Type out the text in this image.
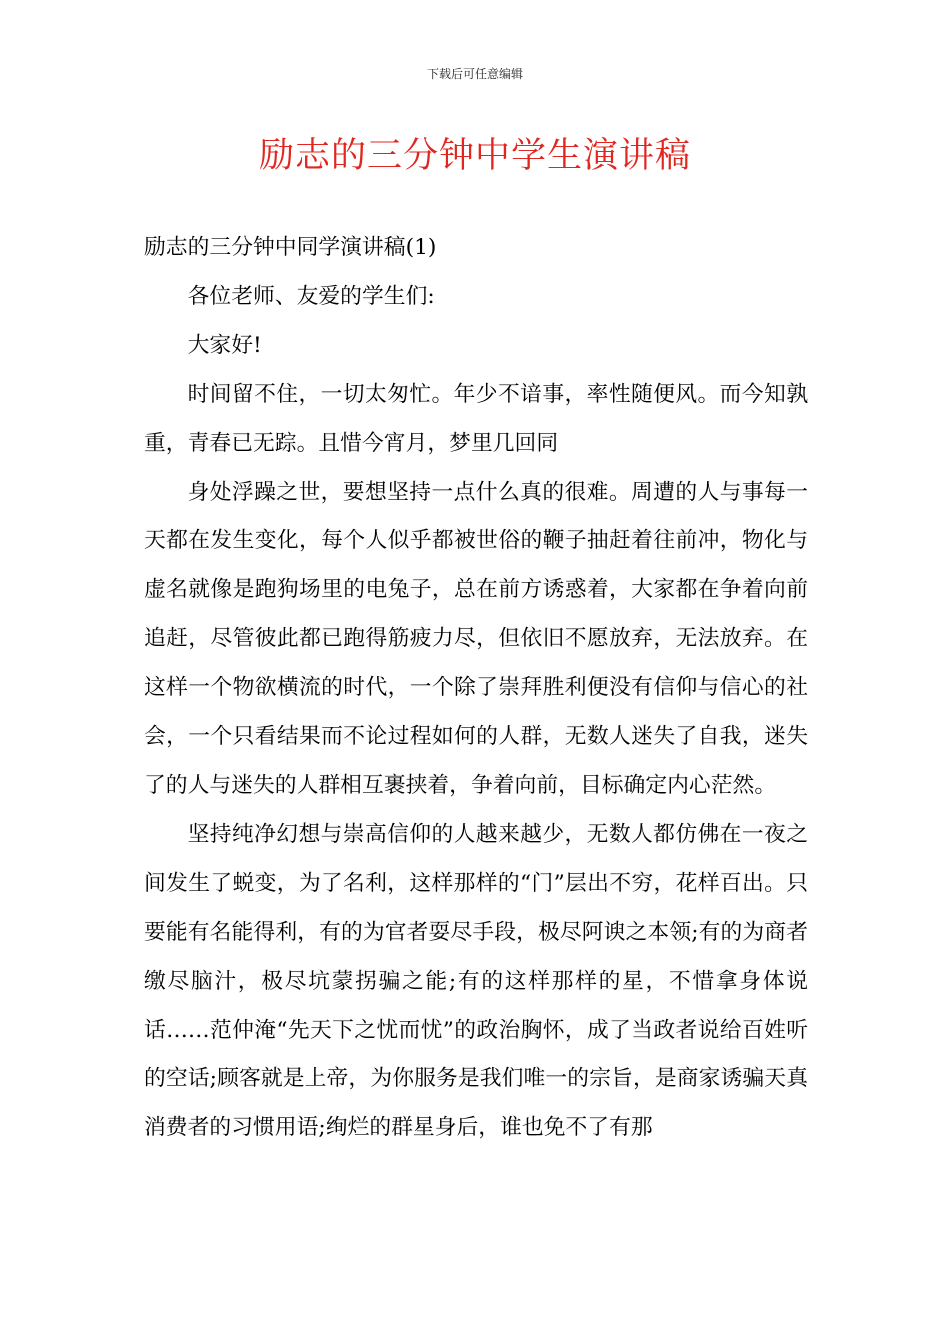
下载后可任意编辑
励志的三分钟中学生演讲稿

励志的三分钟中同学演讲稿(1)

各位老师、友爱的学生们:

大家好!

时间留不住，一切太匆忙。年少不谙事，率性随便风。而今知孰重，青春已无踪。且惜今宵月，梦里几回同

身处浮躁之世，要想坚持一点什么真的很难。周遭的人与事每一天都在发生变化，每个人似乎都被世俗的鞭子抽赶着往前冲，物化与虚名就像是跑狗场里的电兔子，总在前方诱惑着，大家都在争着向前追赶，尽管彼此都已跑得筋疲力尽，但依旧不愿放弃，无法放弃。在这样一个物欲横流的时代，一个除了崇拜胜利便没有信仰与信心的社会，一个只看结果而不论过程如何的人群，无数人迷失了自我，迷失了的人与迷失的人群相互裹挟着，争着向前，目标确定内心茫然。

坚持纯净幻想与崇高信仰的人越来越少，无数人都仿佛在一夜之间发生了蜕变，为了名利，这样那样的“门”层出不穷，花样百出。只要能有名能得利，有的为官者耍尽手段，极尽阿谀之本领;有的为商者缴尽脑汁，极尽坑蒙拐骗之能;有的这样那样的星，不惜拿身体说话……范仲淹“先天下之忧而忧”的政治胸怀，成了当政者说给百姓听的空话;顾客就是上帝，为你服务是我们唯一的宗旨，是商家诱骗天真消费者的习惯用语;绚烂的群星身后，谁也免不了有那
